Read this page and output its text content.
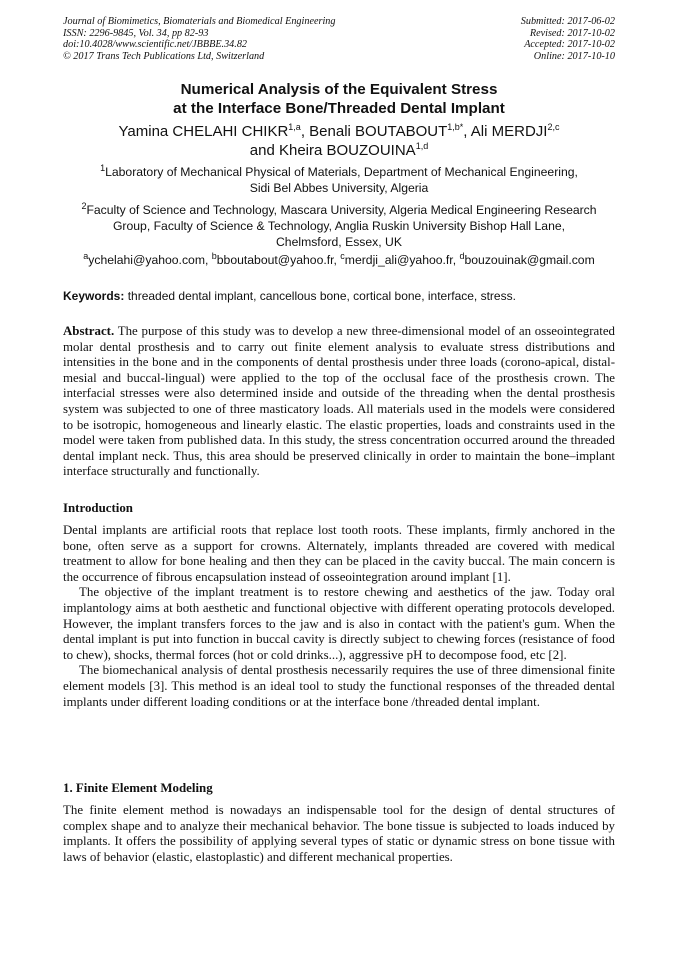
Journal of Biomimetics, Biomaterials and Biomedical Engineering	Submitted: 2017-06-02
ISSN: 2296-9845, Vol. 34, pp 82-93	Revised: 2017-10-02
doi:10.4028/www.scientific.net/JBBBE.34.82	Accepted: 2017-10-02
© 2017 Trans Tech Publications Ltd, Switzerland	Online: 2017-10-10
Numerical Analysis of the Equivalent Stress
at the Interface Bone/Threaded Dental Implant
Yamina CHELAHI CHIKR$^{1,a}$, Benali $BOUTABOUT^{1,b*}$, Ali MERDJI$^{2,c}$
and Kheira BOUZOUINA$^{1,d}$
$^1$Laboratory of Mechanical Physical of Materials, Department of Mechanical Engineering,
Sidi Bel Abbes University, Algeria
$^2$Faculty of Science and Technology, Mascara University, Algeria Medical Engineering Research
Group, Faculty of Science & Technology, Anglia Ruskin University Bishop Hall Lane,
Chelmsford, Essex, UK
$^a$ychelahi@yahoo.com, $^b$bboutabout@yahoo.fr, $^c$merdji_ali@yahoo.fr, $^d$bouzouinak@gmail.com
Keywords: threaded dental implant, cancellous bone, cortical bone, interface, stress.
Abstract. The purpose of this study was to develop a new three-dimensional model of an osseointegrated molar dental prosthesis and to carry out finite element analysis to evaluate stress distributions and intensities in the bone and in the components of dental prosthesis under three loads (corono-apical, distal-mesial and buccal-lingual) were applied to the top of the occlusal face of the prosthesis crown. The interfacial stresses were also determined inside and outside of the threading when the dental prosthesis system was subjected to one of three masticatory loads. All materials used in the models were considered to be isotropic, homogeneous and linearly elastic. The elastic properties, loads and constraints used in the model were taken from published data. In this study, the stress concentration occurred around the threaded dental implant neck. Thus, this area should be preserved clinically in order to maintain the bone–implant interface structurally and functionally.
Introduction

Dental implants are artificial roots that replace lost tooth roots. These implants, firmly anchored in the bone, often serve as a support for crowns. Alternately, implants threaded are covered with medical treatment to allow for bone healing and then they can be placed in the cavity buccal. The main concern is the occurrence of fibrous encapsulation instead of osseointegration around implant [1].

The objective of the implant treatment is to restore chewing and aesthetics of the jaw. Today oral implantology aims at both aesthetic and functional objective with different operating protocols developed. However, the implant transfers forces to the jaw and is also in contact with the patient's gum. When the dental implant is put into function in buccal cavity is directly subject to chewing forces (resistance of food to chew), shocks, thermal forces (hot or cold drinks...), aggressive pH to decompose food, etc [2].

The biomechanical analysis of dental prosthesis necessarily requires the use of three dimensional finite element models [3]. This method is an ideal tool to study the functional responses of the threaded dental implants under different loading conditions or at the interface bone /threaded dental implant.

1. Finite Element Modeling

The finite element method is nowadays an indispensable tool for the design of dental structures of complex shape and to analyze their mechanical behavior. The bone tissue is subjected to loads induced by implants. It offers the possibility of applying several types of static or dynamic stress on bone tissue with laws of behavior (elastic, elastoplastic) and different mechanical properties.
